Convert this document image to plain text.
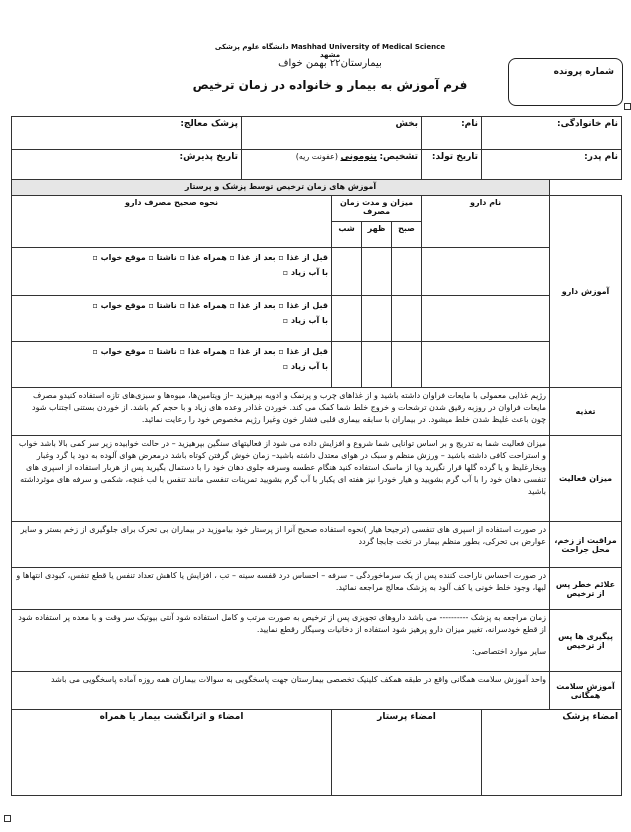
Mashhad University of Medical Science دانشگاه علوم پزشکی مشهد
بیمارستان۲۲ بهمن خواف
فرم آموزش به بیمار و خانواده در زمان ترخیص
شماره پرونده
نام خانوادگی:		نام:	بخش				پزشک معالج:
نام پدر:		تاریخ تولد:	تشخیص: پنومونی (عفونت ریه)				تاریخ پذیرش:
	آموزش های زمان ترخیص توسط پزشک و پرستار						
آموزش دارو	نام دارو		میزان و مدت زمان مصرف			نحوه صحیح مصرف دارو	
			صبح	ظهر	شب		

						قبل از غذا ▫ بعد از غذا ▫ همراه غذا ▫ ناشتا ▫ موقع خواب ▫
با آب زیاد ▫	

						قبل از غذا ▫ بعد از غذا ▫ همراه غذا ▫ ناشتا ▫ موقع خواب ▫
با آب زیاد ▫	

						قبل از غذا ▫ بعد از غذا ▫ همراه غذا ▫ ناشتا ▫ موقع خواب ▫
با آب زیاد ▫	

تغذیه	رژیم غذایی معمولی با مایعات فراوان داشته باشید و از غذاهای چرب و پرنمک و ادویه بپرهیزید –از ویتامین‌ها، میوه‌ها و سبزی‌های تازه استفاده کنیدو مصرف مایعات فراوان در روزبه رقیق شدن ترشحات و خروج خلط شما کمک می کند. خوردن غذادر وعده های زیاد و با حجم کم باشد. از خوردن بستنی اجتناب شود چون باعث غلیظ شدن خلط میشود. در بیماران با سابقه بیماری قلبی فشار خون وغیرا رژیم مخصوص خود را رعایت نمائید.						
میزان فعالیت	میزان فعالیت شما به تدریج و بر اساس توانایی شما شروع و افزایش داده می شود از فعالیتهای سنگین بپرهیزید – در حالت خوابیده زیر سر کمی بالا باشد خواب و استراحت کافی داشته باشید – ورزش منظم و سبک در هوای معتدل داشته باشید– زمان خوش گرفتن کوتاه باشد درمعرض هوای آلوده به دود یا گرد وغبار وبخارغلیظ و یا گرده گلها قرار نگیرید ویا از ماسک استفاده کنید هنگام عطسه وسرفه جلوی دهان خود را با دستمال بگیرید پس از هربار استفاده از اسپری های تنفسی دهان خود را با آب گرم بشویید و هیار خودرا نیز هفته ای یکبار با آب گرم بشویید تمرینات تنفسی مانند تنفس با لب غنچه، شکمی و سرفه های موثرداشته باشید						
مراقبت از زخم، محل جراحت	در صورت استفاده از اسپری های تنفسی (ترجیحا هیار )نحوه استفاده صحیح آنرا از پرستار خود بیاموزید در بیماران بی تحرک برای جلوگیری از زخم بستر و سایر عوارض بی تحرکی، بطور منظم بیمار در تخت جابجا گردد						
علائم خطر پس از ترخیص	در صورت احساس ناراحت کننده پس از یک سرماخوردگی – سرفه – احساس درد قفسه سینه – تب ، افزایش یا کاهش تعداد تنفس یا قطع تنفس، کبودی انتهاها و لبها، وجود خلط خونی یا کف آلود به پزشک معالج مراجعه نمائید.						
پیگیری ها پس از ترخیص	زمان مراجعه به پزشک ---------- می باشد داروهای تجویزی پس از ترخیص به صورت مرتب و کامل استفاده شود آنتی بیوتیک سر وقت و با معده پر استفاده شود از قطع خودسرانه، تغییر میزان دارو پرهیز شود استفاده از دخانیات وسیگار رقطع نمایید.
سایر موارد اختصاصی:						

آموزش سلامت همگانی	واحد آموزش سلامت همگانی واقع در طبقه همکف کلینیک تخصصی بیمارستان جهت پاسخگویی به سوالات بیماران همه روزه آماده پاسخگویی می باشد						
امضاء پزشک		امضاء پرستار				امضاء و اثرانگشت بیمار یا همراه	
